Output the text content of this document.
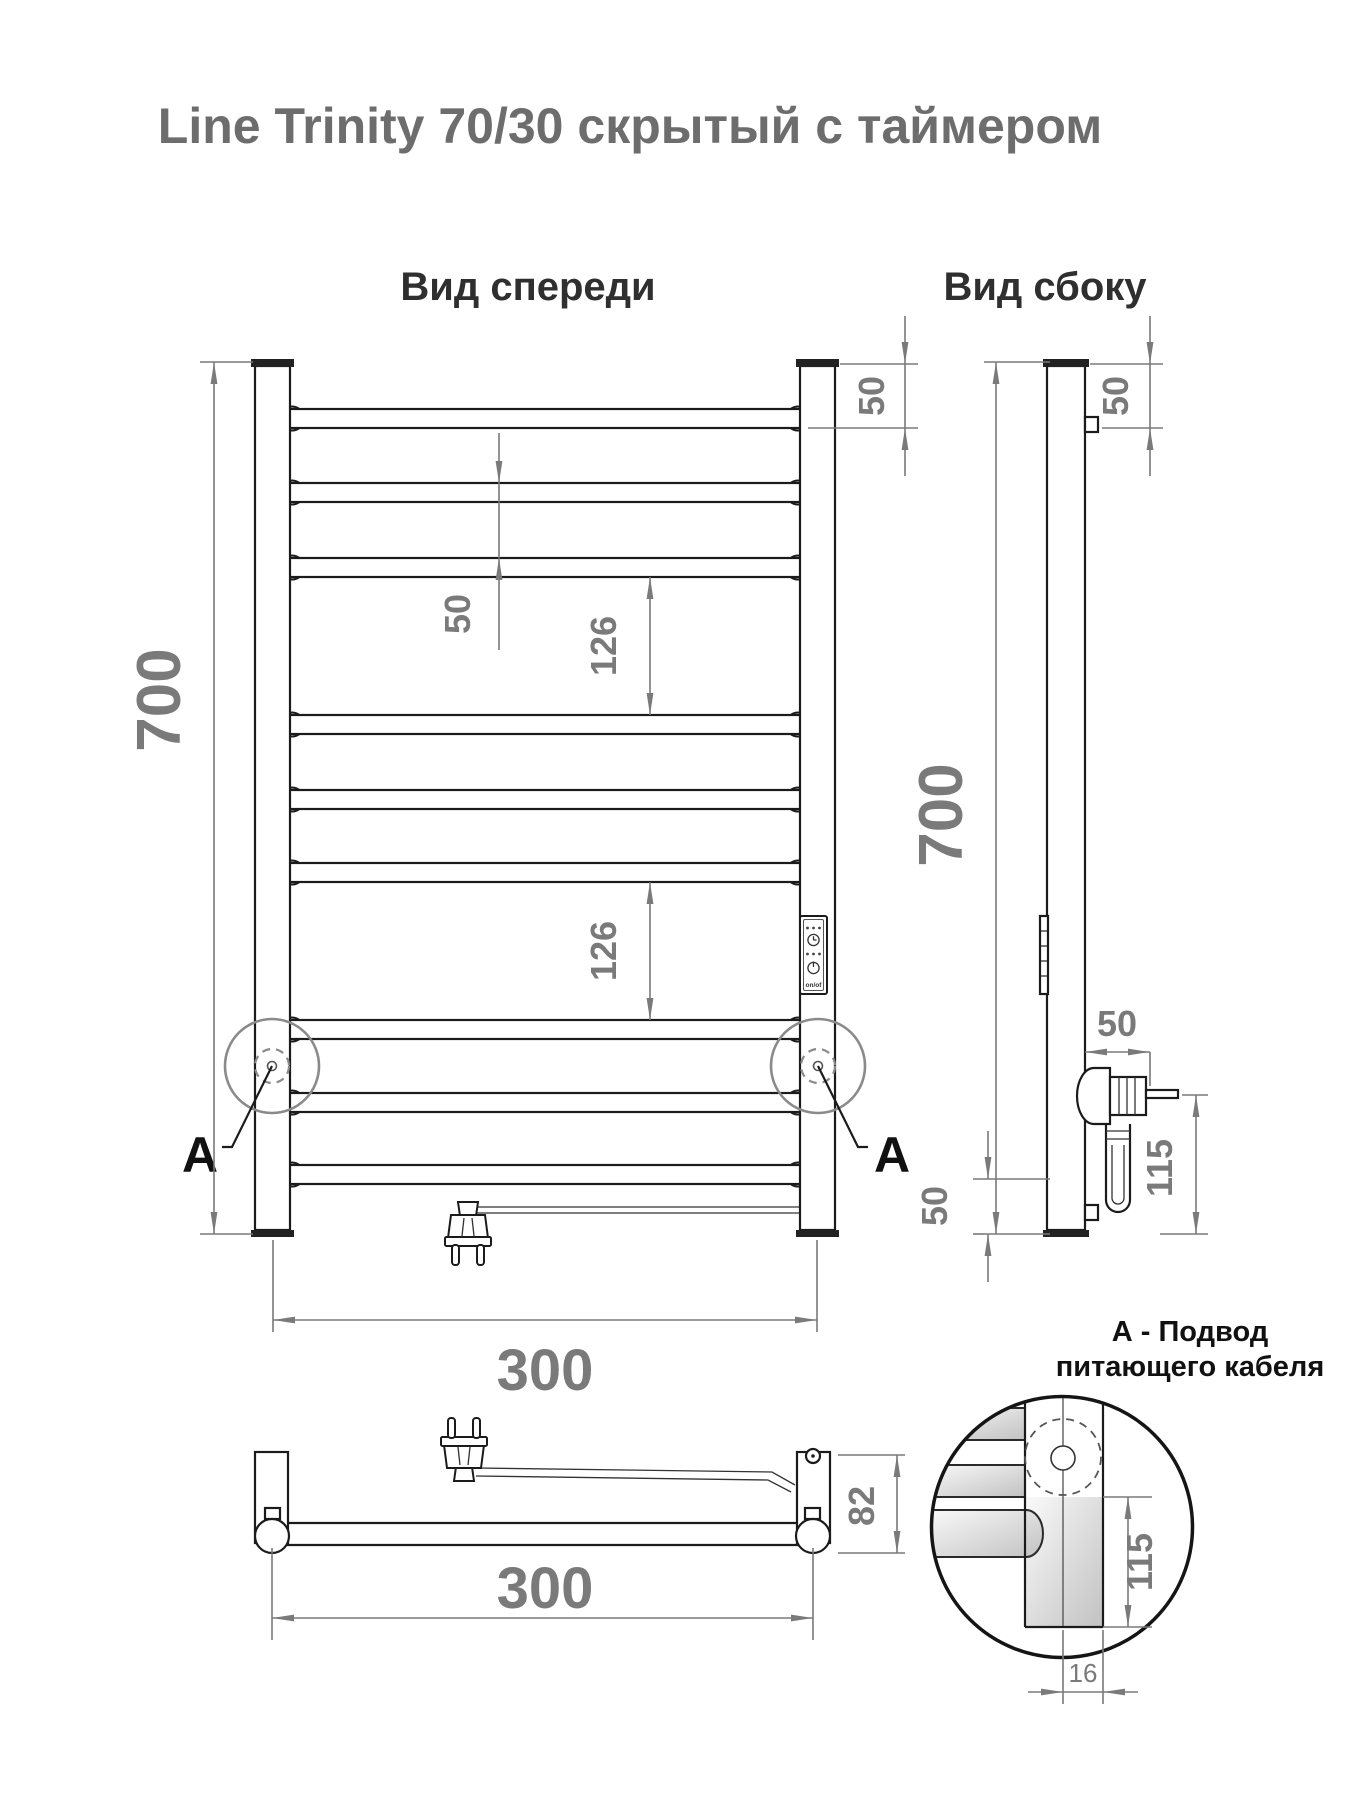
Line Trinity 70/30 скрытый с таймером
Вид спереди	Вид сбоку
on/of
А	А
700
50
50
126
126
300
700
50
50
50
115
300
82
А - Подвод
питающего кабеля
115
16
